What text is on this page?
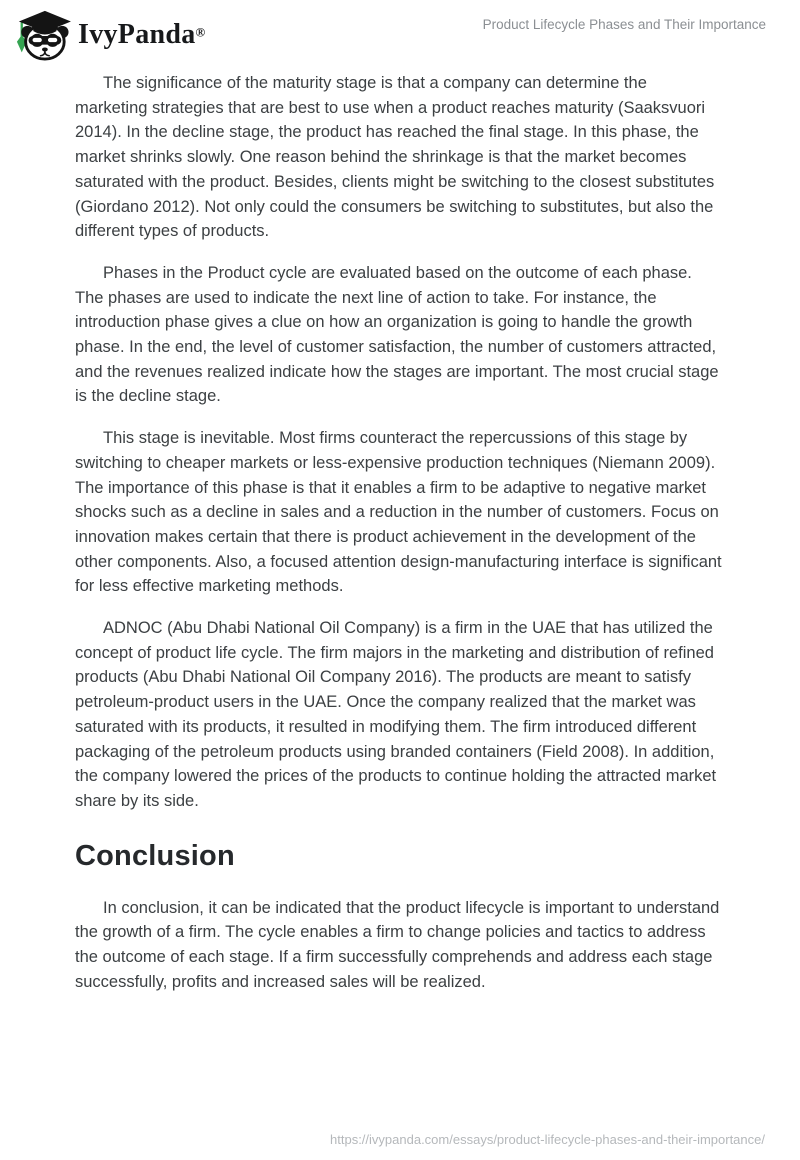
IvyPanda®
Product Lifecycle Phases and Their Importance

The significance of the maturity stage is that a company can determine the marketing strategies that are best to use when a product reaches maturity (Saaksvuori 2014). In the decline stage, the product has reached the final stage. In this phase, the market shrinks slowly. One reason behind the shrinkage is that the market becomes saturated with the product. Besides, clients might be switching to the closest substitutes (Giordano 2012). Not only could the consumers be switching to substitutes, but also the different types of products.

Phases in the Product cycle are evaluated based on the outcome of each phase. The phases are used to indicate the next line of action to take. For instance, the introduction phase gives a clue on how an organization is going to handle the growth phase. In the end, the level of customer satisfaction, the number of customers attracted, and the revenues realized indicate how the stages are important. The most crucial stage is the decline stage.

This stage is inevitable. Most firms counteract the repercussions of this stage by switching to cheaper markets or less-expensive production techniques (Niemann 2009). The importance of this phase is that it enables a firm to be adaptive to negative market shocks such as a decline in sales and a reduction in the number of customers. Focus on innovation makes certain that there is product achievement in the development of the other components. Also, a focused attention design-manufacturing interface is significant for less effective marketing methods.

ADNOC (Abu Dhabi National Oil Company) is a firm in the UAE that has utilized the concept of product life cycle. The firm majors in the marketing and distribution of refined products (Abu Dhabi National Oil Company 2016). The products are meant to satisfy petroleum-product users in the UAE. Once the company realized that the market was saturated with its products, it resulted in modifying them. The firm introduced different packaging of the petroleum products using branded containers (Field 2008). In addition, the company lowered the prices of the products to continue holding the attracted market share by its side.

Conclusion

In conclusion, it can be indicated that the product lifecycle is important to understand the growth of a firm. The cycle enables a firm to change policies and tactics to address the outcome of each stage. If a firm successfully comprehends and address each stage successfully, profits and increased sales will be realized.

https://ivypanda.com/essays/product-lifecycle-phases-and-their-importance/
